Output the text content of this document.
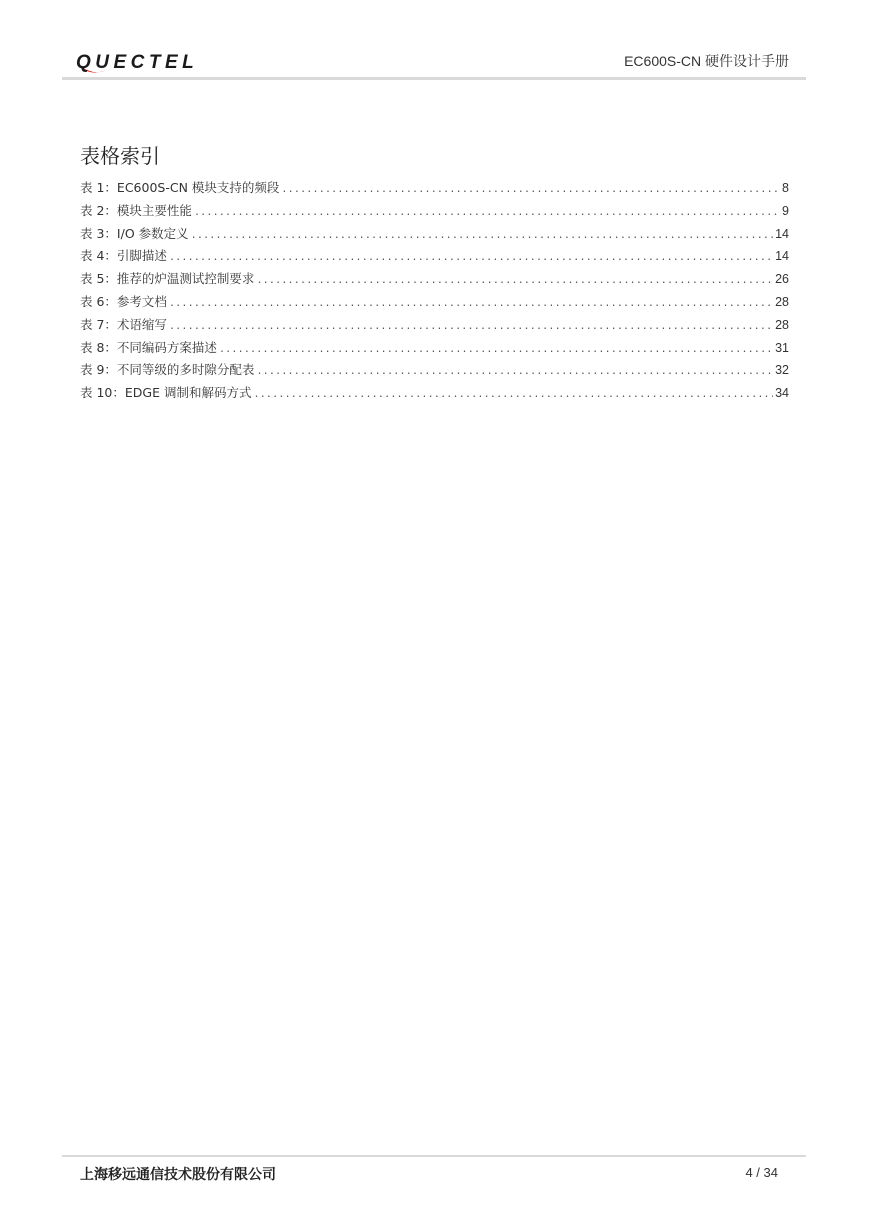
QUECTEL	EC600S-CN 硬件设计手册
表格索引
表 1：EC600S-CN 模块支持的频段 .....	8
表 2：模块主要性能 .....	9
表 3：I/O 参数定义 .....	14
表 4：引脚描述 .....	14
表 5：推荐的炉温测试控制要求 .....	26
表 6：参考文档 .....	28
表 7：术语缩写 .....	28
表 8：不同编码方案描述 .....	31
表 9：不同等级的多时隙分配表 .....	32
表 10：EDGE 调制和解码方式 .....	34
上海移远通信技术股份有限公司	4 / 34
